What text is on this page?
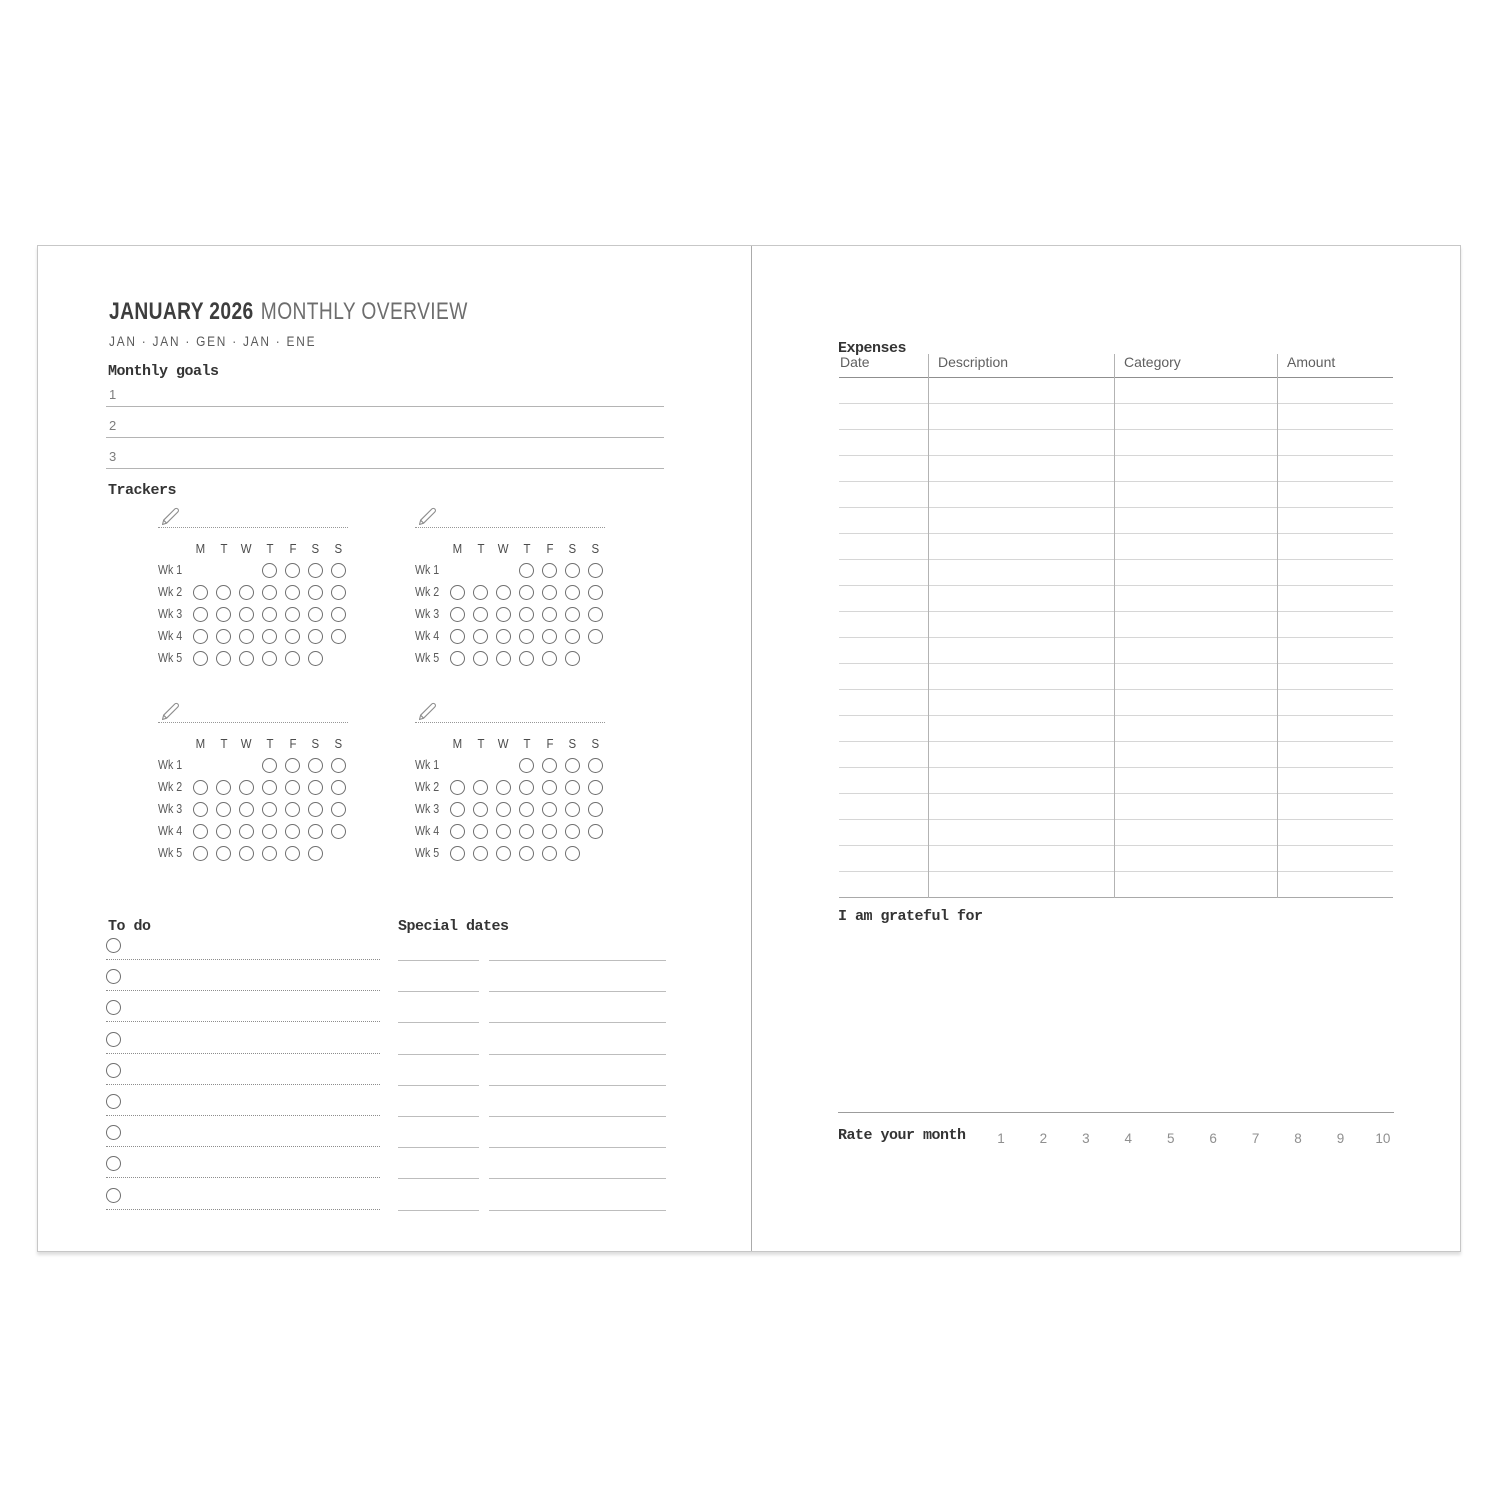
JANUARY 2026 MONTHLY OVERVIEW
JAN · JAN · GEN · JAN · ENE
Monthly goals
1
2
3
Trackers
M T W T F S S
Wk 1
Wk 2
Wk 3
Wk 4
Wk 5
M T W T F S S
Wk 1
Wk 2
Wk 3
Wk 4
Wk 5
M T W T F S S
Wk 1
Wk 2
Wk 3
Wk 4
Wk 5
M T W T F S S
Wk 1
Wk 2
Wk 3
Wk 4
Wk 5
To do	Special dates
Expenses
Date	Description	Category	Amount
I am grateful for
Rate your month	1	2	3	4	5	6	7	8	9	10
